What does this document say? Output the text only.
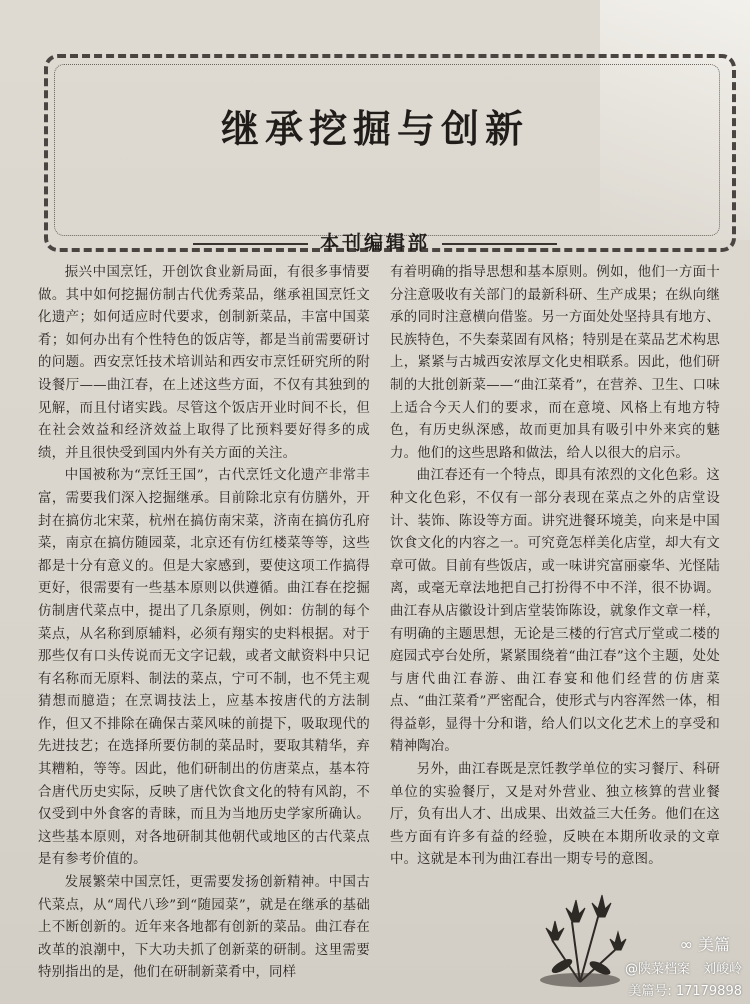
继承挖掘与创新
本刊编辑部

振兴中国烹饪，开创饮食业新局面，有很多事情要做。其中如何挖掘仿制古代优秀菜品，继承祖国烹饪文化遗产；如何适应时代要求，创制新菜品，丰富中国菜肴；如何办出有个性特色的饭店等，都是当前需要研讨的问题。西安烹饪技术培训站和西安市烹饪研究所的附设餐厅——曲江春，在上述这些方面，不仅有其独到的见解，而且付诸实践。尽管这个饭店开业时间不长，但在社会效益和经济效益上取得了比预料要好得多的成绩，并且很快受到国内外有关方面的关注。

中国被称为“烹饪王国”，古代烹饪文化遗产非常丰富，需要我们深入挖掘继承。目前除北京有仿膳外，开封在搞仿北宋菜，杭州在搞仿南宋菜，济南在搞仿孔府菜，南京在搞仿随园菜，北京还有仿红楼菜等等，这些都是十分有意义的。但是大家感到，要使这项工作搞得更好，很需要有一些基本原则以供遵循。曲江春在挖掘仿制唐代菜点中，提出了几条原则，例如：仿制的每个菜点，从名称到原辅料，必须有翔实的史料根据。对于那些仅有口头传说而无文字记载，或者文献资料中只记有名称而无原料、制法的菜点，宁可不制，也不凭主观猜想而臆造；在烹调技法上，应基本按唐代的方法制作，但又不排除在确保古菜风味的前提下，吸取现代的先进技艺；在选择所要仿制的菜品时，要取其精华，弃其糟粕，等等。因此，他们研制出的仿唐菜点，基本符合唐代历史实际，反映了唐代饮食文化的特有风韵，不仅受到中外食客的青睐，而且为当地历史学家所确认。这些基本原则，对各地研制其他朝代或地区的古代菜点是有参考价值的。

发展繁荣中国烹饪，更需要发扬创新精神。中国古代菜点，从“周代八珍”到“随园菜”，就是在继承的基础上不断创新的。近年来各地都有创新的菜品。曲江春在改革的浪潮中，下大功夫抓了创新菜的研制。这里需要特别指出的是，他们在研制新菜肴中，同样

有着明确的指导思想和基本原则。例如，他们一方面十分注意吸收有关部门的最新科研、生产成果；在纵向继承的同时注意横向借鉴。另一方面处处坚持具有地方、民族特色，不失秦菜固有风格；特别是在菜品艺术构思上，紧紧与古城西安浓厚文化史相联系。因此，他们研制的大批创新菜——“曲江菜肴”，在营养、卫生、口味上适合今天人们的要求，而在意境、风格上有地方特色，有历史纵深感，故而更加具有吸引中外来宾的魅力。他们的这些思路和做法，给人以很大的启示。

曲江春还有一个特点，即具有浓烈的文化色彩。这种文化色彩，不仅有一部分表现在菜点之外的店堂设计、装饰、陈设等方面。讲究进餐环境美，向来是中国饮食文化的内容之一。可究竟怎样美化店堂，却大有文章可做。目前有些饭店，或一味讲究富丽豪华、光怪陆离，或毫无章法地把自己打扮得不中不洋，很不协调。曲江春从店徽设计到店堂装饰陈设，就象作文章一样，有明确的主题思想，无论是三楼的行宫式厅堂或二楼的庭园式亭台处所，紧紧围绕着“曲江春”这个主题，处处与唐代曲江春游、曲江春宴和他们经营的仿唐菜点、“曲江菜肴”严密配合，使形式与内容浑然一体，相得益彰，显得十分和谐，给人们以文化艺术上的享受和精神陶冶。

另外，曲江春既是烹饪教学单位的实习餐厅、科研单位的实验餐厅，又是对外营业、独立核算的营业餐厅，负有出人才、出成果、出效益三大任务。他们在这些方面有许多有益的经验，反映在本期所收录的文章中。这就是本刊为曲江春出一期专号的意图。

∞ 美篇
@陕菜档案　刘峻岭
美篇号: 17179898
